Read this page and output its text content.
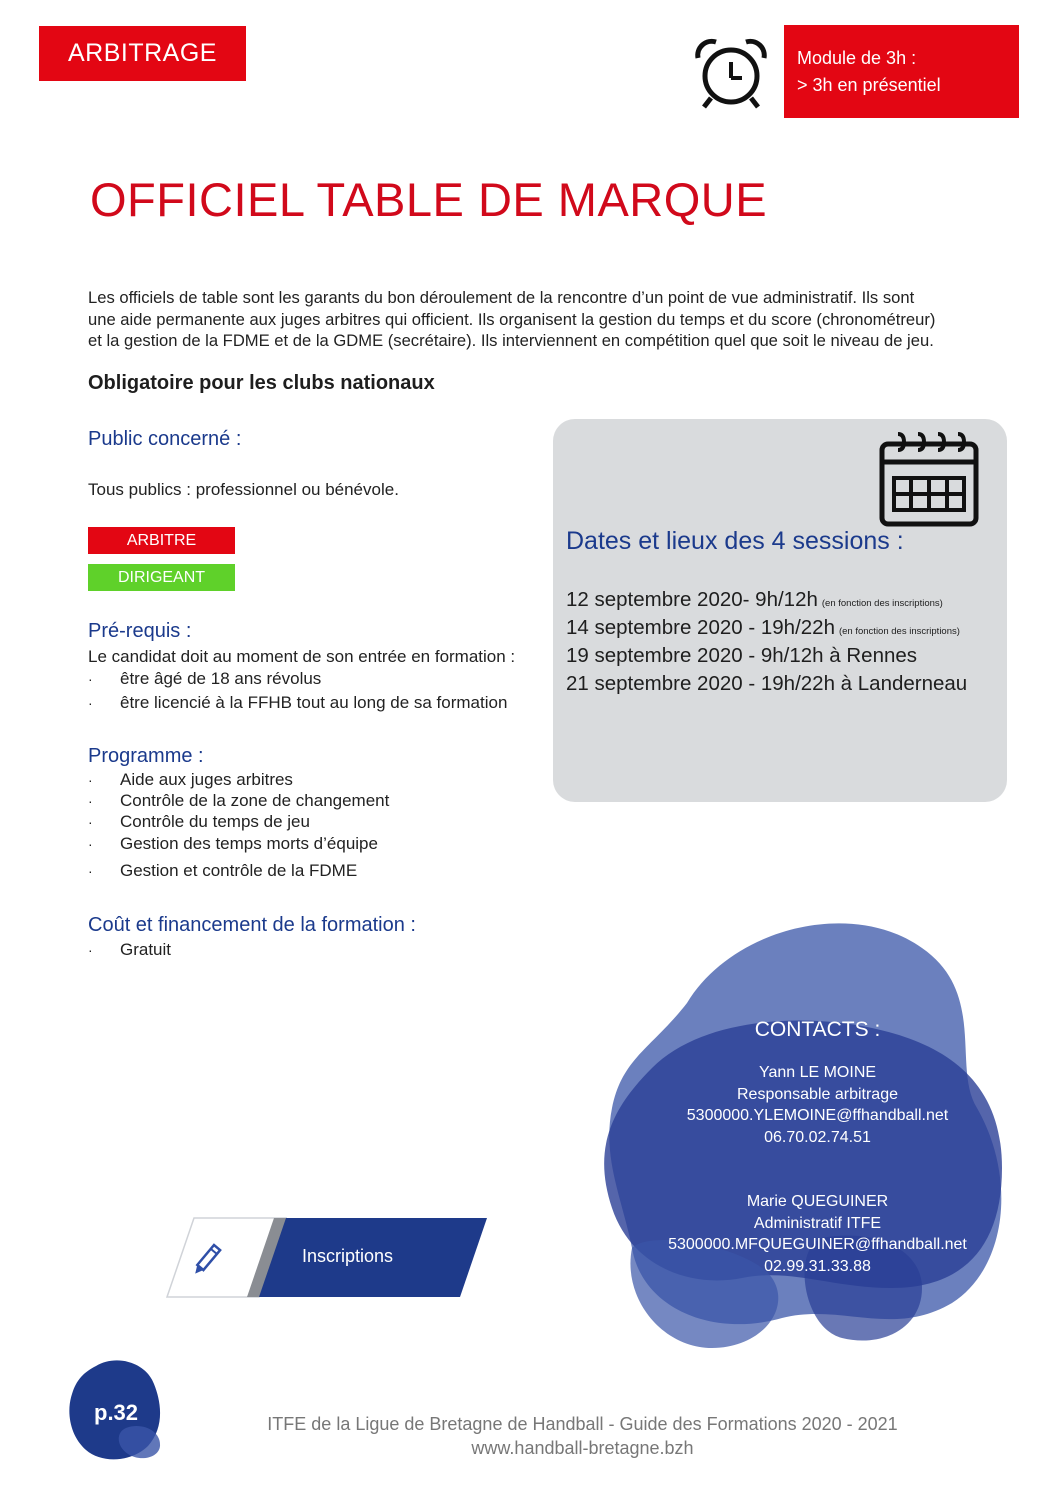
ARBITRAGE	Module de 3h :
> 3h en présentiel
OFFICIEL TABLE DE MARQUE
Les officiels de table sont les garants du bon déroulement de la rencontre d’un point de vue administratif. Ils sont
une aide permanente aux juges arbitres qui officient. Ils organisent la gestion du temps et du score (chronométreur)
et la gestion de la FDME et de la GDME (secrétaire). Ils interviennent en compétition quel que soit le niveau de jeu.
Obligatoire pour les clubs nationaux
Public concerné :
Tous publics : professionnel ou bénévole.
ARBITRE
DIRIGEANT
Pré-requis :
Le candidat doit au moment de son entrée en formation :
· être âgé de 18 ans révolus
· être licencié à la FFHB tout au long de sa formation
Programme :
· Aide aux juges arbitres
· Contrôle de la zone de changement
· Contrôle du temps de jeu
· Gestion des temps morts d’équipe
· Gestion et contrôle de la FDME
Coût et financement de la formation :
· Gratuit
Dates et lieux des 4 sessions :
12 septembre 2020- 9h/12h (en fonction des inscriptions)
14 septembre 2020 - 19h/22h (en fonction des inscriptions)
19 septembre 2020 - 9h/12h à Rennes
21 septembre 2020 - 19h/22h à Landerneau
CONTACTS :
Yann LE MOINE
Responsable arbitrage
5300000.YLEMOINE@ffhandball.net
06.70.02.74.51
Marie QUEGUINER
Administratif ITFE
5300000.MFQUEGUINER@ffhandball.net
02.99.31.33.88
Inscriptions
p.32	ITFE de la Ligue de Bretagne de Handball - Guide des Formations 2020 - 2021
www.handball-bretagne.bzh
